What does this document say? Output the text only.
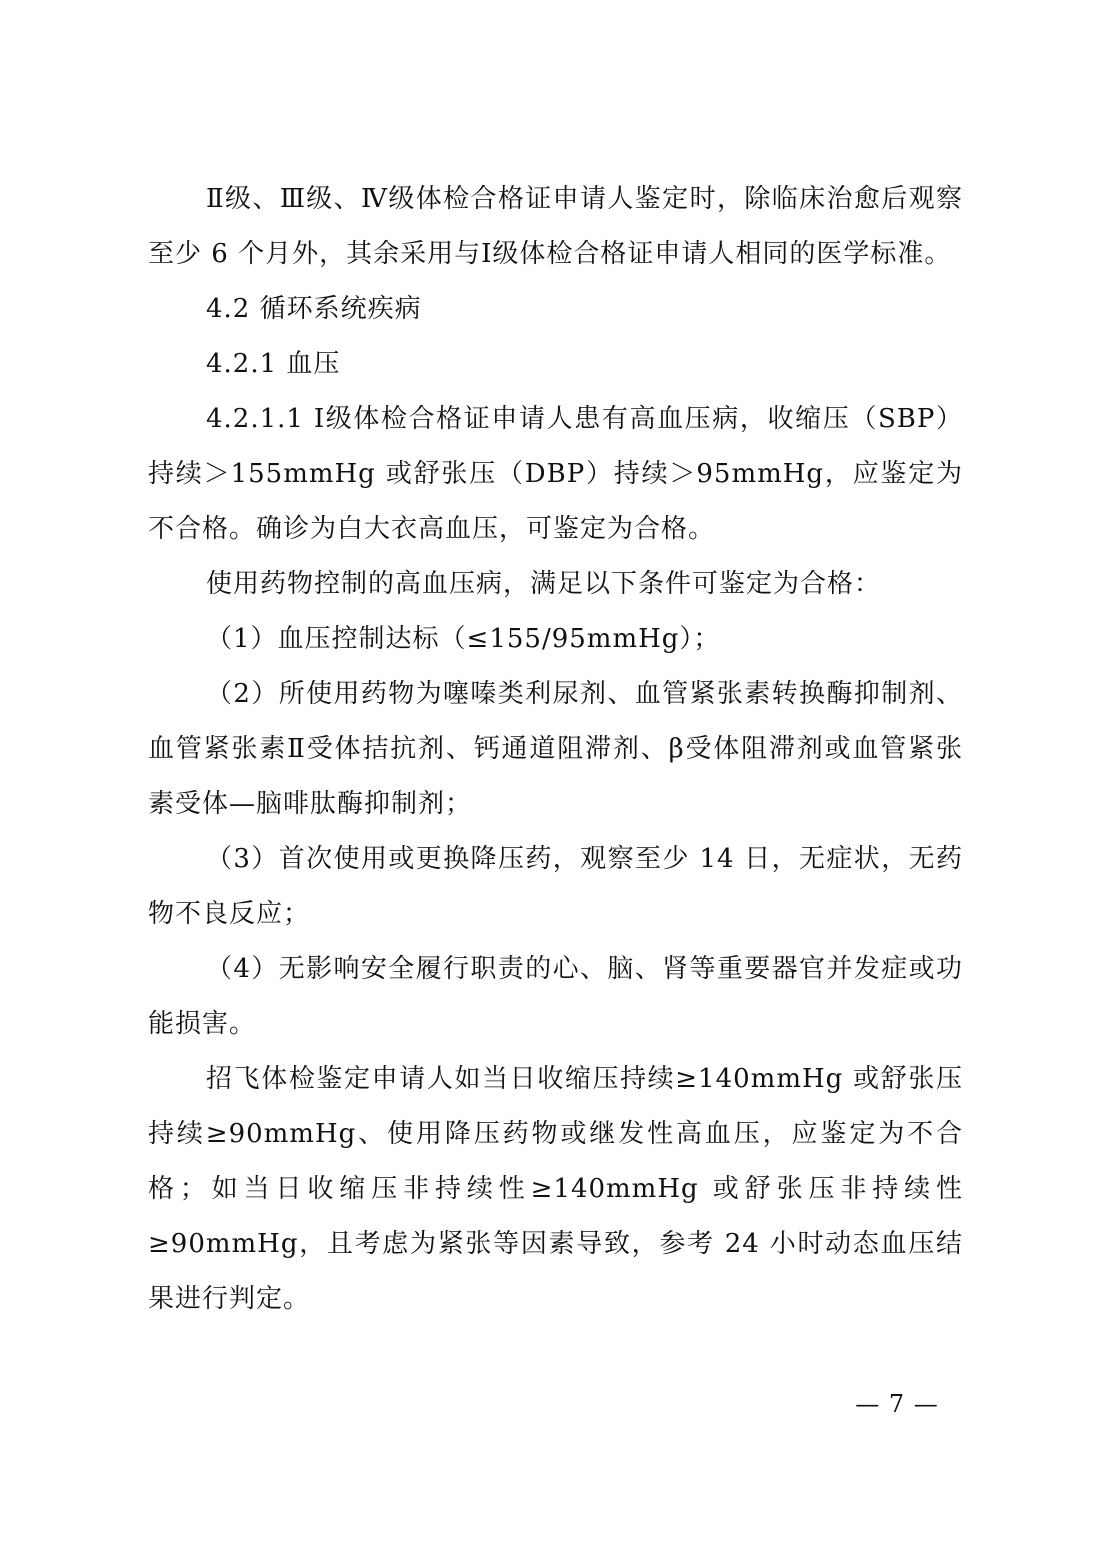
Ⅱ级、Ⅲ级、Ⅳ级体检合格证申请人鉴定时，除临床治愈后观察至少 6 个月外，其余采用与Ⅰ级体检合格证申请人相同的医学标准。

4.2 循环系统疾病

4.2.1 血压

4.2.1.1 Ⅰ级体检合格证申请人患有高血压病，收缩压（SBP）持续＞155mmHg 或舒张压（DBP）持续＞95mmHg，应鉴定为不合格。确诊为白大衣高血压，可鉴定为合格。

使用药物控制的高血压病，满足以下条件可鉴定为合格：

（1）血压控制达标（≤155/95mmHg）；

（2）所使用药物为噻嗪类利尿剂、血管紧张素转换酶抑制剂、血管紧张素Ⅱ受体拮抗剂、钙通道阻滞剂、β受体阻滞剂或血管紧张素受体—脑啡肽酶抑制剂；

（3）首次使用或更换降压药，观察至少 14 日，无症状，无药物不良反应；

（4）无影响安全履行职责的心、脑、肾等重要器官并发症或功能损害。

招飞体检鉴定申请人如当日收缩压持续≥140mmHg 或舒张压持续≥90mmHg、使用降压药物或继发性高血压，应鉴定为不合格；如当日收缩压非持续性≥140mmHg 或舒张压非持续性≥90mmHg，且考虑为紧张等因素导致，参考 24 小时动态血压结果进行判定。

— 7 —
